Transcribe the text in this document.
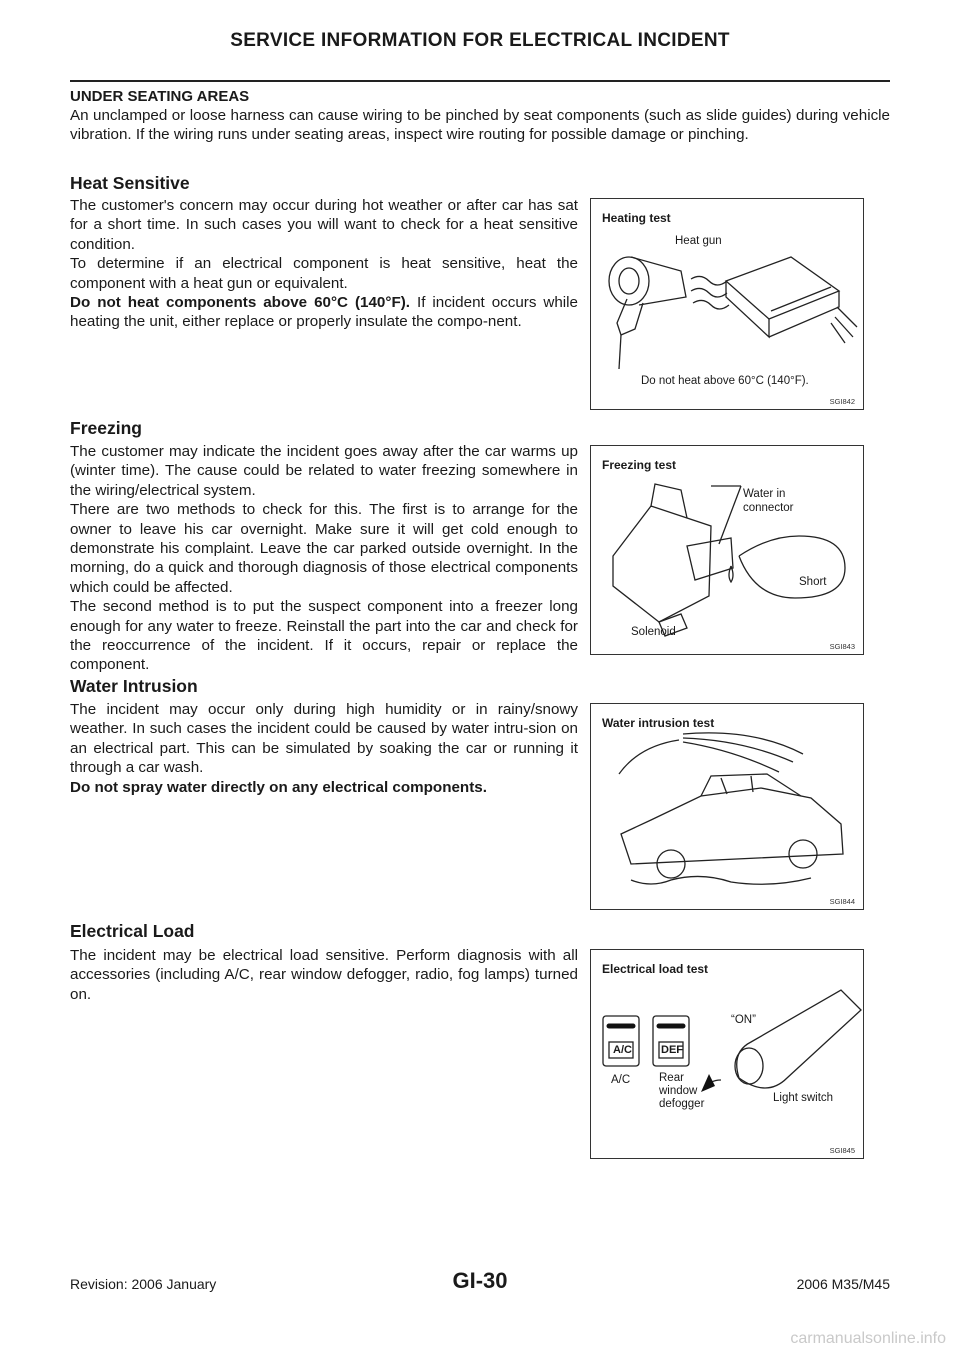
SERVICE INFORMATION FOR ELECTRICAL INCIDENT
UNDER SEATING AREAS

An unclamped or loose harness can cause wiring to be pinched by seat components (such as slide guides) during vehicle vibration. If the wiring runs under seating areas, inspect wire routing for possible damage or pinching.

Heat Sensitive

The customer's concern may occur during hot weather or after car has sat for a short time. In such cases you will want to check for a heat sensitive condition.

To determine if an electrical component is heat sensitive, heat the component with a heat gun or equivalent.

Do not heat components above 60°C (140°F). If incident occurs while heating the unit, either replace or properly insulate the compo-nent.

Heating test
Heat gun
Do not heat above 60°C (140°F).
SGI842
Freezing

The customer may indicate the incident goes away after the car warms up (winter time). The cause could be related to water freezing somewhere in the wiring/electrical system.

There are two methods to check for this. The first is to arrange for the owner to leave his car overnight. Make sure it will get cold enough to demonstrate his complaint. Leave the car parked outside overnight. In the morning, do a quick and thorough diagnosis of those electrical components which could be affected.

The second method is to put the suspect component into a freezer long enough for any water to freeze. Reinstall the part into the car and check for the reoccurrence of the incident. If it occurs, repair or replace the component.

Freezing test
Water in
connector
Short
Solenoid
SGI843
Water Intrusion

The incident may occur only during high humidity or in rainy/snowy weather. In such cases the incident could be caused by water intru-sion on an electrical part. This can be simulated by soaking the car or running it through a car wash.

Do not spray water directly on any electrical components.

Water intrusion test
SGI844
Electrical Load

The incident may be electrical load sensitive. Perform diagnosis with all accessories (including A/C, rear window defogger, radio, fog lamps) turned on.

Electrical load test
A/C	DEF
A/C	Rear
window
defogger
“ON”
Light switch
SGI845
Revision: 2006 January	GI-30	2006 M35/M45
carmanualsonline.info
